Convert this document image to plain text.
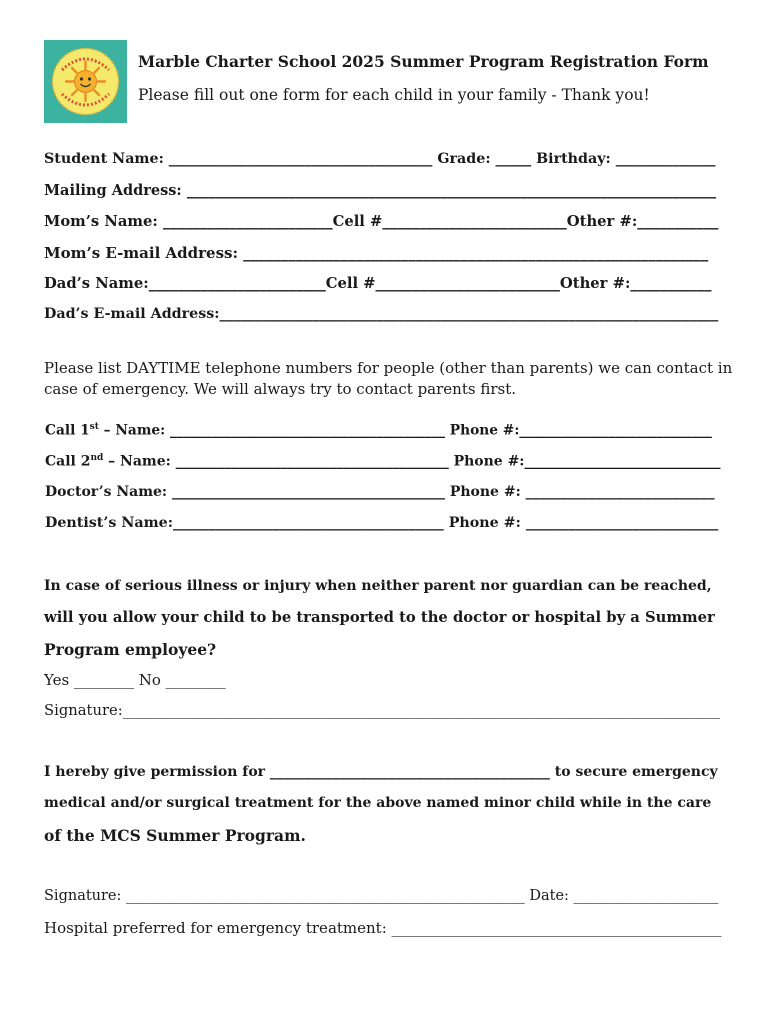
Marble Charter School 2025 Summer Program Registration Form
Please fill out one form for each child in your family - Thank you!
Student Name: _____________________________________ Grade: _____ Birthday: ______________
Mailing Address: _________________________________________________________________________
Mom’s Name: _______________________Cell #_________________________Other #:___________
Mom’s E-mail Address: ______________________________________________________________
Dad’s Name:________________________Cell #_________________________Other #:___________
Dad’s E-mail Address:______________________________________________________________________
Please list DAYTIME telephone numbers for people (other than parents) we can contact in
case of emergency. We will always try to contact parents first.
Call 1st – Name: ________________________________________ Phone #:____________________________
Call 2nd – Name: _______________________________________ Phone #:____________________________
Doctor’s Name: _______________________________________ Phone #: ___________________________
Dentist’s Name:______________________________________ Phone #: ___________________________
In case of serious illness or injury when neither parent nor guardian can be reached,
will you allow your child to be transported to the doctor or hospital by a Summer
Program employee?
Yes ________ No ________
Signature:_________________________________________________________________________________
I hereby give permission for ________________________________________ to secure emergency
medical and/or surgical treatment for the above named minor child while in the care
of the MCS Summer Program.
Signature: _______________________________________________________ Date: ____________________
Hospital preferred for emergency treatment: ____________________________________________
